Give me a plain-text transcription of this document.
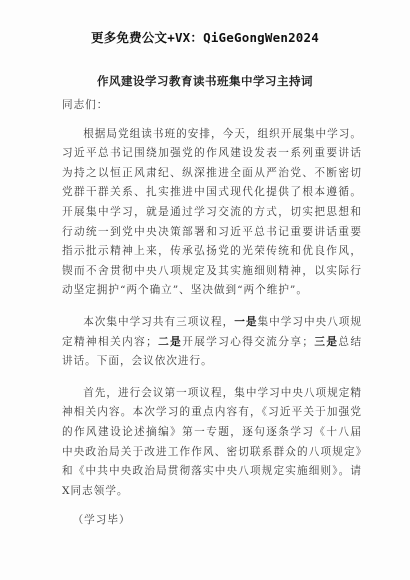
更多免费公文+VX：QiGeGongWen2024
作风建设学习教育读书班集中学习主持词

同志们：

根据局党组读书班的安排，今天，组织开展集中学习。习近平总书记围绕加强党的作风建设发表一系列重要讲话为持之以恒正风肃纪、纵深推进全面从严治党、不断密切党群干群关系、扎实推进中国式现代化提供了根本遵循。开展集中学习，就是通过学习交流的方式，切实把思想和行动统一到党中央决策部署和习近平总书记重要讲话重要指示批示精神上来，传承弘扬党的光荣传统和优良作风，锲而不舍贯彻中央八项规定及其实施细则精神，以实际行动坚定拥护“两个确立”、坚决做到“两个维护”。

本次集中学习共有三项议程，一是集中学习中央八项规定精神相关内容；二是开展学习心得交流分享；三是总结讲话。下面，会议依次进行。

首先，进行会议第一项议程，集中学习中央八项规定精神相关内容。本次学习的重点内容有，《习近平关于加强党的作风建设论述摘编》第一专题，逐句逐条学习《十八届中央政治局关于改进工作作风、密切联系群众的八项规定》和《中共中央政治局贯彻落实中央八项规定实施细则》。请X同志领学。

（学习毕）
